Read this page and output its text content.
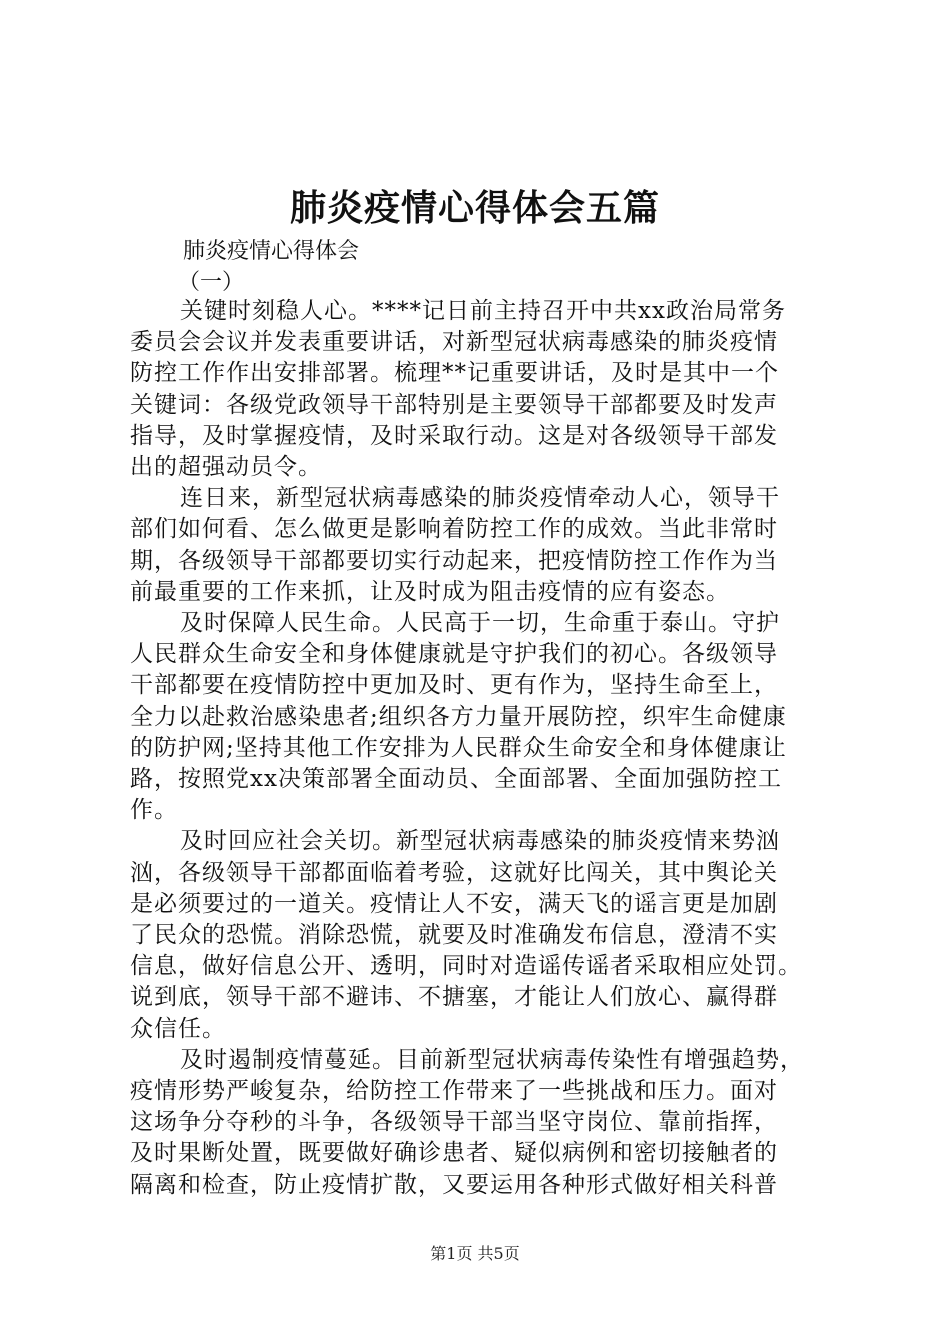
肺炎疫情心得体会五篇
肺炎疫情心得体会
（一）

关键时刻稳人心。****记日前主持召开中共xx政治局常务
委员会会议并发表重要讲话，对新型冠状病毒感染的肺炎疫情
防控工作作出安排部署。梳理**记重要讲话，及时是其中一个
关键词：各级党政领导干部特别是主要领导干部都要及时发声
指导，及时掌握疫情，及时采取行动。这是对各级领导干部发
出的超强动员令。

连日来，新型冠状病毒感染的肺炎疫情牵动人心，领导干
部们如何看、怎么做更是影响着防控工作的成效。当此非常时
期，各级领导干部都要切实行动起来，把疫情防控工作作为当
前最重要的工作来抓，让及时成为阻击疫情的应有姿态。

及时保障人民生命。人民高于一切，生命重于泰山。守护
人民群众生命安全和身体健康就是守护我们的初心。各级领导
干部都要在疫情防控中更加及时、更有作为，坚持生命至上，
全力以赴救治感染患者;组织各方力量开展防控，织牢生命健康
的防护网;坚持其他工作安排为人民群众生命安全和身体健康让
路，按照党xx决策部署全面动员、全面部署、全面加强防控工
作。

及时回应社会关切。新型冠状病毒感染的肺炎疫情来势汹
汹，各级领导干部都面临着考验，这就好比闯关，其中舆论关
是必须要过的一道关。疫情让人不安，满天飞的谣言更是加剧
了民众的恐慌。消除恐慌，就要及时准确发布信息，澄清不实
信息，做好信息公开、透明，同时对造谣传谣者采取相应处罚。
说到底，领导干部不避讳、不搪塞，才能让人们放心、赢得群
众信任。

及时遏制疫情蔓延。目前新型冠状病毒传染性有增强趋势，
疫情形势严峻复杂，给防控工作带来了一些挑战和压力。面对
这场争分夺秒的斗争，各级领导干部当坚守岗位、靠前指挥，
及时果断处置，既要做好确诊患者、疑似病例和密切接触者的
隔离和检查，防止疫情扩散，又要运用各种形式做好相关科普

第1页 共5页
